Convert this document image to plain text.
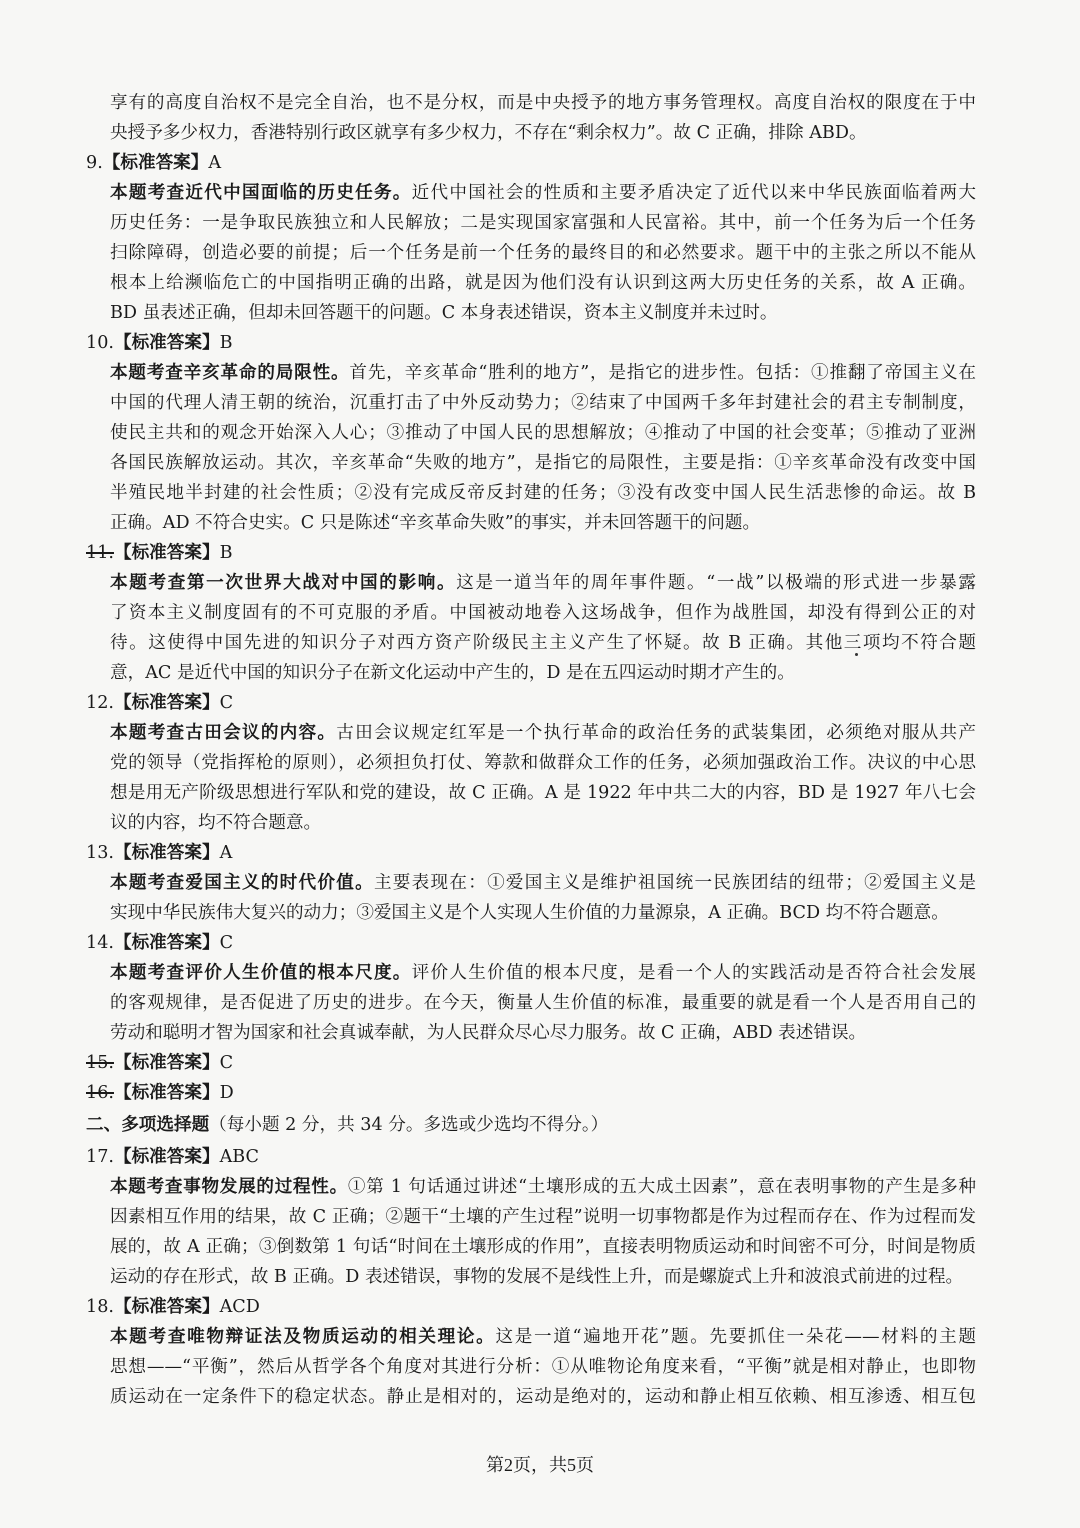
享有的高度自治权不是完全自治，也不是分权，而是中央授予的地方事务管理权。高度自治权的限度在于中
央授予多少权力，香港特别行政区就享有多少权力，不存在“剩余权力”。故 C 正确，排除 ABD。
9.【标准答案】A
本题考查近代中国面临的历史任务。近代中国社会的性质和主要矛盾决定了近代以来中华民族面临着两大
历史任务：一是争取民族独立和人民解放；二是实现国家富强和人民富裕。其中，前一个任务为后一个任务
扫除障碍，创造必要的前提；后一个任务是前一个任务的最终目的和必然要求。题干中的主张之所以不能从
根本上给濒临危亡的中国指明正确的出路，就是因为他们没有认识到这两大历史任务的关系，故 A 正确。
BD 虽表述正确，但却未回答题干的问题。C 本身表述错误，资本主义制度并未过时。
10.【标准答案】B
本题考查辛亥革命的局限性。首先，辛亥革命“胜利的地方”，是指它的进步性。包括：①推翻了帝国主义在
中国的代理人清王朝的统治，沉重打击了中外反动势力；②结束了中国两千多年封建社会的君主专制制度，
使民主共和的观念开始深入人心；③推动了中国人民的思想解放；④推动了中国的社会变革；⑤推动了亚洲
各国民族解放运动。其次，辛亥革命“失败的地方”，是指它的局限性，主要是指：①辛亥革命没有改变中国
半殖民地半封建的社会性质；②没有完成反帝反封建的任务；③没有改变中国人民生活悲惨的命运。故 B
正确。AD 不符合史实。C 只是陈述“辛亥革命失败”的事实，并未回答题干的问题。
11.【标准答案】B
本题考查第一次世界大战对中国的影响。这是一道当年的周年事件题。“一战”以极端的形式进一步暴露
了资本主义制度固有的不可克服的矛盾。中国被动地卷入这场战争，但作为战胜国，却没有得到公正的对
待。这使得中国先进的知识分子对西方资产阶级民主主义产生了怀疑。故 B 正确。其他三项均不符合题
意，AC 是近代中国的知识分子在新文化运动中产生的，D 是在五四运动时期才产生的。
12.【标准答案】C
本题考查古田会议的内容。古田会议规定红军是一个执行革命的政治任务的武装集团，必须绝对服从共产
党的领导（党指挥枪的原则），必须担负打仗、筹款和做群众工作的任务，必须加强政治工作。决议的中心思
想是用无产阶级思想进行军队和党的建设，故 C 正确。A 是 1922 年中共二大的内容，BD 是 1927 年八七会
议的内容，均不符合题意。
13.【标准答案】A
本题考查爱国主义的时代价值。主要表现在：①爱国主义是维护祖国统一民族团结的纽带；②爱国主义是
实现中华民族伟大复兴的动力；③爱国主义是个人实现人生价值的力量源泉，A 正确。BCD 均不符合题意。
14.【标准答案】C
本题考查评价人生价值的根本尺度。评价人生价值的根本尺度，是看一个人的实践活动是否符合社会发展
的客观规律，是否促进了历史的进步。在今天，衡量人生价值的标准，最重要的就是看一个人是否用自己的
劳动和聪明才智为国家和社会真诚奉献，为人民群众尽心尽力服务。故 C 正确，ABD 表述错误。
15.【标准答案】C
16.【标准答案】D
二、多项选择题（每小题 2 分，共 34 分。多选或少选均不得分。）
17.【标准答案】ABC
本题考查事物发展的过程性。①第 1 句话通过讲述“土壤形成的五大成土因素”，意在表明事物的产生是多种
因素相互作用的结果，故 C 正确；②题干“土壤的产生过程”说明一切事物都是作为过程而存在、作为过程而发
展的，故 A 正确；③倒数第 1 句话“时间在土壤形成的作用”，直接表明物质运动和时间密不可分，时间是物质
运动的存在形式，故 B 正确。D 表述错误，事物的发展不是线性上升，而是螺旋式上升和波浪式前进的过程。
18.【标准答案】ACD
本题考查唯物辩证法及物质运动的相关理论。这是一道“遍地开花”题。先要抓住一朵花——材料的主题
思想——“平衡”，然后从哲学各个角度对其进行分析：①从唯物论角度来看，“平衡”就是相对静止，也即物
质运动在一定条件下的稳定状态。静止是相对的，运动是绝对的，运动和静止相互依赖、相互渗透、相互包
第2页，共5页
